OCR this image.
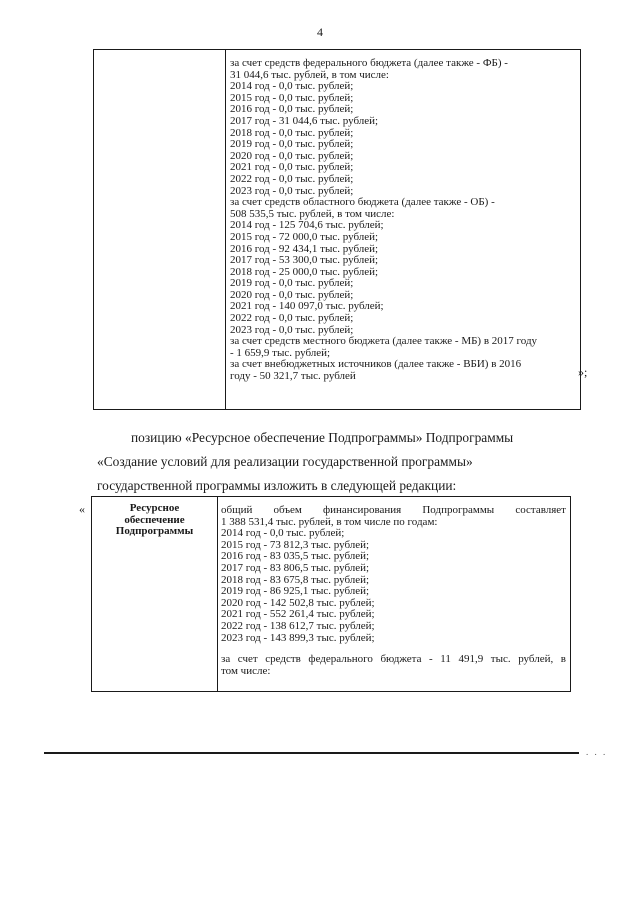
4
за счет средств федерального бюджета (далее также - ФБ) -
31 044,6 тыс. рублей, в том числе:
2014 год - 0,0 тыс. рублей;
2015 год - 0,0 тыс. рублей;
2016 год - 0,0 тыс. рублей;
2017 год - 31 044,6 тыс. рублей;
2018 год - 0,0 тыс. рублей;
2019 год - 0,0 тыс. рублей;
2020 год - 0,0 тыс. рублей;
2021 год - 0,0 тыс. рублей;
2022 год - 0,0 тыс. рублей;
2023 год - 0,0 тыс. рублей;
за счет средств областного бюджета (далее также - ОБ) -
508 535,5 тыс. рублей, в том числе:
2014 год - 125 704,6 тыс. рублей;
2015 год - 72 000,0 тыс. рублей;
2016 год - 92 434,1 тыс. рублей;
2017 год - 53 300,0 тыс. рублей;
2018 год - 25 000,0 тыс. рублей;
2019 год - 0,0 тыс. рублей;
2020 год - 0,0 тыс. рублей;
2021 год - 140 097,0 тыс. рублей;
2022 год - 0,0 тыс. рублей;
2023 год - 0,0 тыс. рублей;
за счет средств местного бюджета (далее также - МБ) в 2017 году
- 1 659,9 тыс. рублей;
за счет внебюджетных источников (далее также - ВБИ) в 2016
году - 50 321,7 тыс. рублей	»;
позицию «Ресурсное обеспечение Подпрограммы» Подпрограммы
«Создание условий для реализации государственной программы»
государственной программы изложить в следующей редакции:
«	Ресурсное
обеспечение
Подпрограммы
общий объем финансирования Подпрограммы составляет
1 388 531,4 тыс. рублей, в том числе по годам:
2014 год - 0,0 тыс. рублей;
2015 год - 73 812,3 тыс. рублей;
2016 год - 83 035,5 тыс. рублей;
2017 год - 83 806,5 тыс. рублей;
2018 год - 83 675,8 тыс. рублей;
2019 год - 86 925,1 тыс. рублей;
2020 год - 142 502,8 тыс. рублей;
2021 год - 552 261,4 тыс. рублей;
2022 год - 138 612,7 тыс. рублей;
2023 год - 143 899,3 тыс. рублей;
за счет средств федерального бюджета - 11 491,9 тыс. рублей, в
том числе:
. . .
